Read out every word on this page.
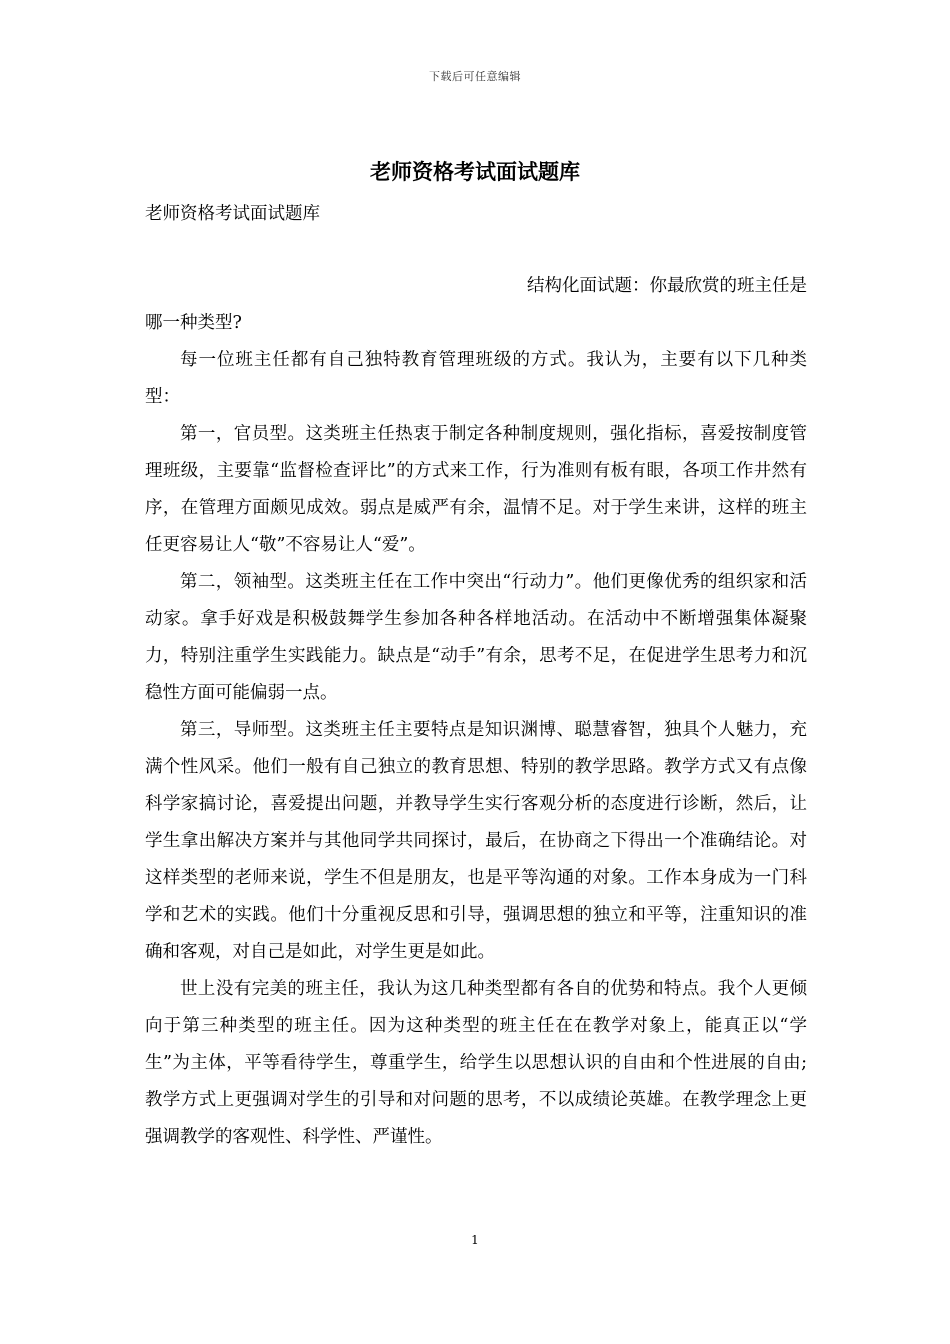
下载后可任意编辑
老师资格考试面试题库

老师资格考试面试题库

结构化面试题：你最欣赏的班主任是

哪一种类型?

每一位班主任都有自己独特教育管理班级的方式。我认为，主要有以下几种类型：

第一，官员型。这类班主任热衷于制定各种制度规则，强化指标，喜爱按制度管理班级，主要靠“监督检查评比”的方式来工作，行为准则有板有眼，各项工作井然有序，在管理方面颇见成效。弱点是威严有余，温情不足。对于学生来讲，这样的班主任更容易让人“敬”不容易让人“爱”。

第二，领袖型。这类班主任在工作中突出“行动力”。他们更像优秀的组织家和活动家。拿手好戏是积极鼓舞学生参加各种各样地活动。在活动中不断增强集体凝聚力，特别注重学生实践能力。缺点是“动手”有余，思考不足，在促进学生思考力和沉稳性方面可能偏弱一点。

第三，导师型。这类班主任主要特点是知识渊博、聪慧睿智，独具个人魅力，充满个性风采。他们一般有自己独立的教育思想、特别的教学思路。教学方式又有点像科学家搞讨论，喜爱提出问题，并教导学生实行客观分析的态度进行诊断，然后，让学生拿出解决方案并与其他同学共同探讨，最后，在协商之下得出一个准确结论。对这样类型的老师来说，学生不但是朋友，也是平等沟通的对象。工作本身成为一门科学和艺术的实践。他们十分重视反思和引导，强调思想的独立和平等，注重知识的准确和客观，对自己是如此，对学生更是如此。

世上没有完美的班主任，我认为这几种类型都有各自的优势和特点。我个人更倾向于第三种类型的班主任。因为这种类型的班主任在在教学对象上，能真正以“学生”为主体，平等看待学生，尊重学生，给学生以思想认识的自由和个性进展的自由;教学方式上更强调对学生的引导和对问题的思考，不以成绩论英雄。在教学理念上更强调教学的客观性、科学性、严谨性。

1
